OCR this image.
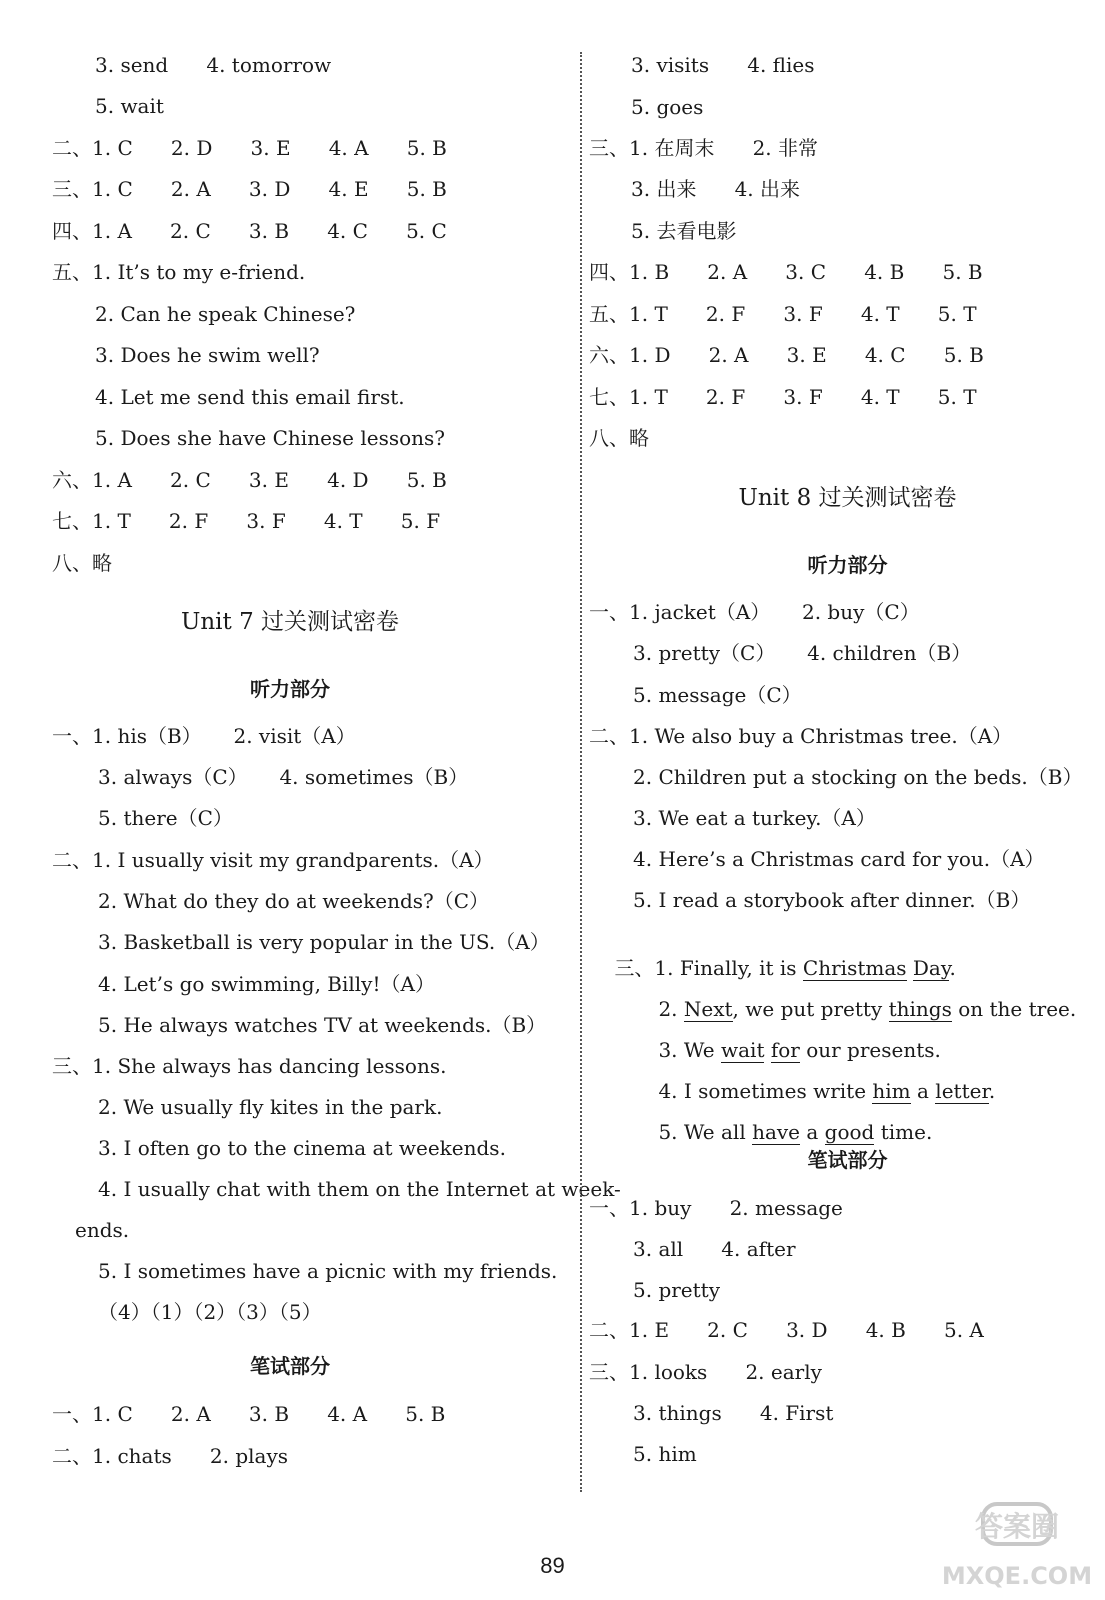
3. send      4. tomorrow
5. wait
二、1. C      2. D      3. E      4. A      5. B
三、1. C      2. A      3. D      4. E      5. B
四、1. A      2. C      3. B      4. C      5. C
五、1. It’s to my e-friend.
2. Can he speak Chinese?
3. Does he swim well?
4. Let me send this email first.
5. Does she have Chinese lessons?
六、1. A      2. C      3. E      4. D      5. B
七、1. T      2. F      3. F      4. T      5. F
八、略
Unit 7 过关测试密卷
听力部分
一、1. his（B）     2. visit（A）
3. always（C）     4. sometimes（B）
5. there（C）
二、1. I usually visit my grandparents.（A）
2. What do they do at weekends?（C）
3. Basketball is very popular in the US.（A）
4. Let’s go swimming, Billy!（A）
5. He always watches TV at weekends.（B）
三、1. She always has dancing lessons.
2. We usually fly kites in the park.
3. I often go to the cinema at weekends.
4. I usually chat with them on the Internet at week-
ends.
5. I sometimes have a picnic with my friends.
（4）（1）（2）（3）（5）
笔试部分
一、1. C      2. A      3. B      4. A      5. B
二、1. chats      2. plays
3. visits      4. flies
5. goes
三、1. 在周末      2. 非常
3. 出来      4. 出来
5. 去看电影
四、1. B      2. A      3. C      4. B      5. B
五、1. T      2. F      3. F      4. T      5. T
六、1. D      2. A      3. E      4. C      5. B
七、1. T      2. F      3. F      4. T      5. T
八、略
Unit 8 过关测试密卷
听力部分
一、1. jacket（A）     2. buy（C）
3. pretty（C）     4. children（B）
5. message（C）
二、1. We also buy a Christmas tree.（A）
2. Children put a stocking on the beds.（B）
3. We eat a turkey.（A）
4. Here’s a Christmas card for you.（A）
5. I read a storybook after dinner.（B）

三、1. Finally, it is Christmas Day.

2. Next, we put pretty things on the tree.

3. We wait for our presents.

4. I sometimes write him a letter.

5. We all have a good time.

笔试部分
一、1. buy      2. message
3. all      4. after
5. pretty
二、1. E      2. C      3. D      4. B      5. A
三、1. looks      2. early
3. things      4. First
5. him
89
答案圈
MXQE.COM
